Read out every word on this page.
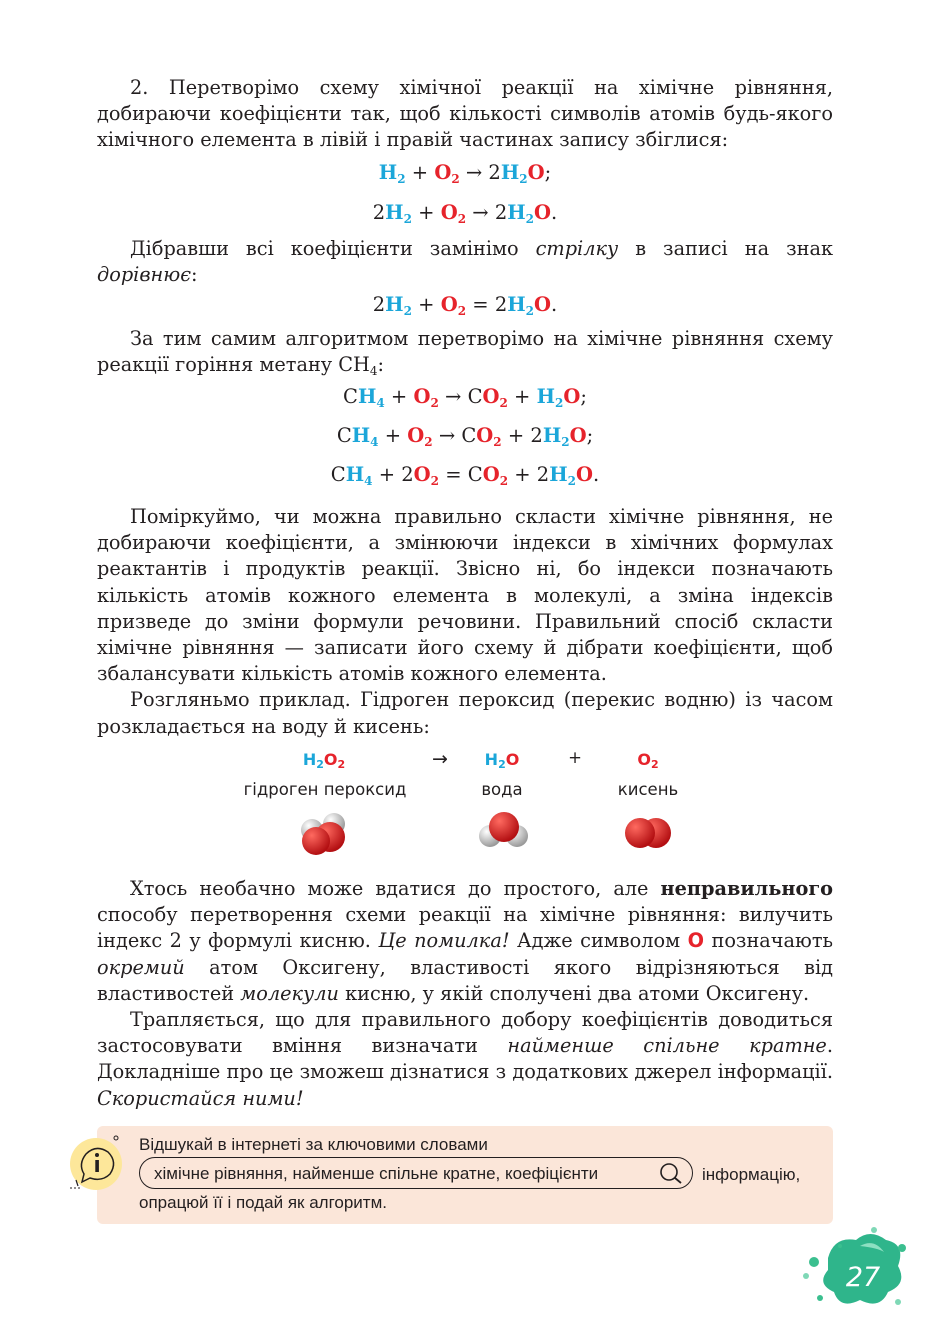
2. Перетворімо схему хімічної реакції на хімічне рівняння, добираючи коефіцієнти так, щоб кількості символів атомів будь-якого хімічного елемента в лівій і правій частинах запису збіглися:

$H_2 + O_2 \to 2H_2O$;

$2H_2 + O_2 \to 2H_2O$.

Дібравши всі коефіцієнти замінімо стрілку в записі на знак дорівнює:

$2H_2 + O_2 = 2H_2O$.

За тим самим алгоритмом перетворімо на хімічне рівняння схему реакції горіння метану $CH_4$:

$CH_4 + O_2 \to CO_2 + H_2O$;

$CH_4 + O_2 \to CO_2 + 2H_2O$;

$CH_4 + 2O_2 = CO_2 + 2H_2O$.

Поміркуймо, чи можна правильно скласти хімічне рівняння, не добираючи коефіцієнти, а змінюючи індекси в хімічних формулах реактантів і продуктів реакції. Звісно ні, бо індекси позначають кількість атомів кожного елемента в молекулі, а зміна індексів призведе до зміни формули речовини. Правильний спосіб скласти хімічне рівняння — записати його схему й дібрати коефіцієнти, щоб збалансувати кількість атомів кожного елемента.

Розгляньмо приклад. Гідроген пероксид (перекис водню) із часом розкладається на воду й кисень:

$H_2O_2$	→	$H_2O$	+	$O_2$
гідроген пероксид	вода	кисень

Хтось необачно може вдатися до простого, але неправильного способу перетворення схеми реакції на хімічне рівняння: вилучить індекс 2 у формулі кисню. Це помилка! Адже символом O позначають окремий атом Оксигену, властивості якого відрізняються від властивостей молекули кисню, у якій сполучені два атоми Оксигену.

Трапляється, що для правильного добору коефіцієнтів доводиться застосовувати вміння визначати найменше спільне кратне. Докладніше про це зможеш дізнатися з додаткових джерел інформації. Скористайся ними!

Відшукай в інтернеті за ключовими словами
хімічне рівняння, найменше спільне кратне, коефіцієнти	інформацію,
опрацюй її і подай як алгоритм.
27
